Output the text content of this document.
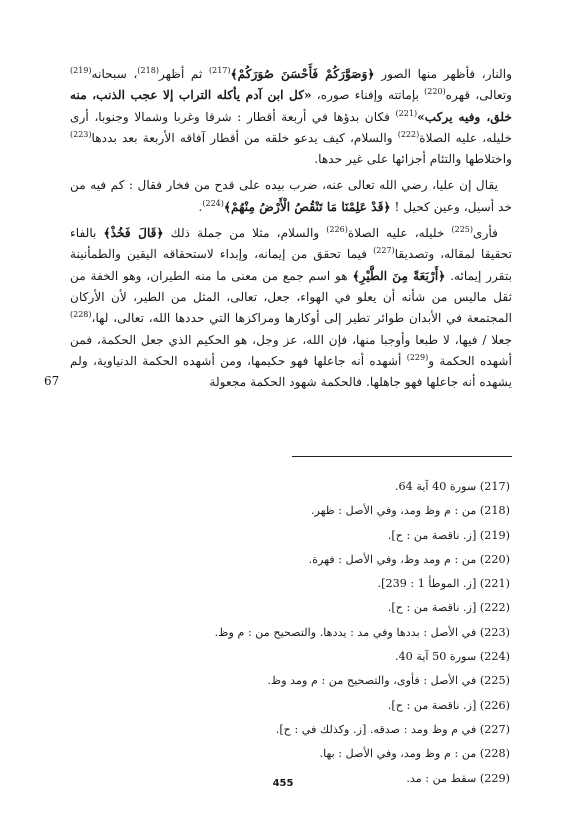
والنار، فأظهر منها الصور ﴿وَصَوَّرَكُمْ فَأَحْسَنَ صُوَرَكُمْ﴾$^{(217)}$ ثم أظهر$^{(218)}$، سبحانه$^{(219)}$ وتعالى، قهره$^{(220)}$ بإماتته وإفناء صوره، «كل ابن آدم يأكله التراب إلا عجب الذنب، منه خلق، وفيه يركب»$^{(221)}$ فكان بدؤها في أربعة أقطار : شرقا وغربا وشمالا وجنوبا، أرى خليله، عليه الصلاة$^{(222)}$ والسلام، كيف يدعو خلقه من أقطار آفاقه الأربعة بعد بددها$^{(223)}$ واختلاطها والتئام أجزائها على غير حدها.

يقال إن عليا، رضي الله تعالى عنه، ضرب بيده على قدح من فخار فقال : كم فيه من خد أسيل، وعين كحيل ! ﴿قَدْ عَلِمْنَا مَا تَنْقُصُ الْأَرْضُ مِنْهُمْ﴾$^{(224)}$.

فأرى$^{(225)}$ خليله، عليه الصلاة$^{(226)}$ والسلام، مثلا من جملة ذلك ﴿قَالَ فَخُذْ﴾ بالفاء تحقيقا لمقاله، وتصديقا$^{(227)}$ فيما تحقق من إيمانه، وإبداء لاستحقاقه اليقين والطمأنينة بتقرر إيمائه. ﴿أَرْبَعَةً مِنَ الطَّيْرِ﴾ هو اسم جمع من معنى ما منه الطيران، وهو الخفة من ثقل ماليس من شأنه أن يعلو في الهواء، جعل، تعالى، المثل من الطير، لأن الأركان المجتمعة في الأبدان طوائر تطير إلى أوكارها ومراكزها التي حددها الله، تعالى، لها،$^{(228)}$ جعلا / فيها، لا طبعا وأوجبا منها، فإن الله، عز وجل، هو الحكيم الذي جعل الحكمة، فمن أشهده الحكمة و$^{(229)}$ أشهده أنه جاعلها فهو حكيمها، ومن أشهده الحكمة الدنياوية، ولم يشهده أنه جاعلها فهو جاهلها. فالحكمة شهود الحكمة مجعولة

67

(217) سورة 40 آية 64.

(218) من : م وظ ومد، وفي الأصل : ظهر.

(219) [ز. ناقصة من : ح].

(220) من : م ومد وظ، وفي الأصل : فهرة.

(221) [ز. الموطأ 1 : 239].

(222) [ز. ناقصة من : ح].

(223) في الأصل : بددها وفي مد : يددها. والتصحيح من : م وظ.

(224) سورة 50 آية 40.

(225) في الأصل : فأوى، والتصحيح من : م ومد وظ.

(226) [ز. ناقصة من : ح].

(227) في م وظ ومد : صدقه. [ز. وكذلك في : ح].

(228) من : م وظ ومد، وفي الأصل : بها.

(229) سقط من : مد.

455
